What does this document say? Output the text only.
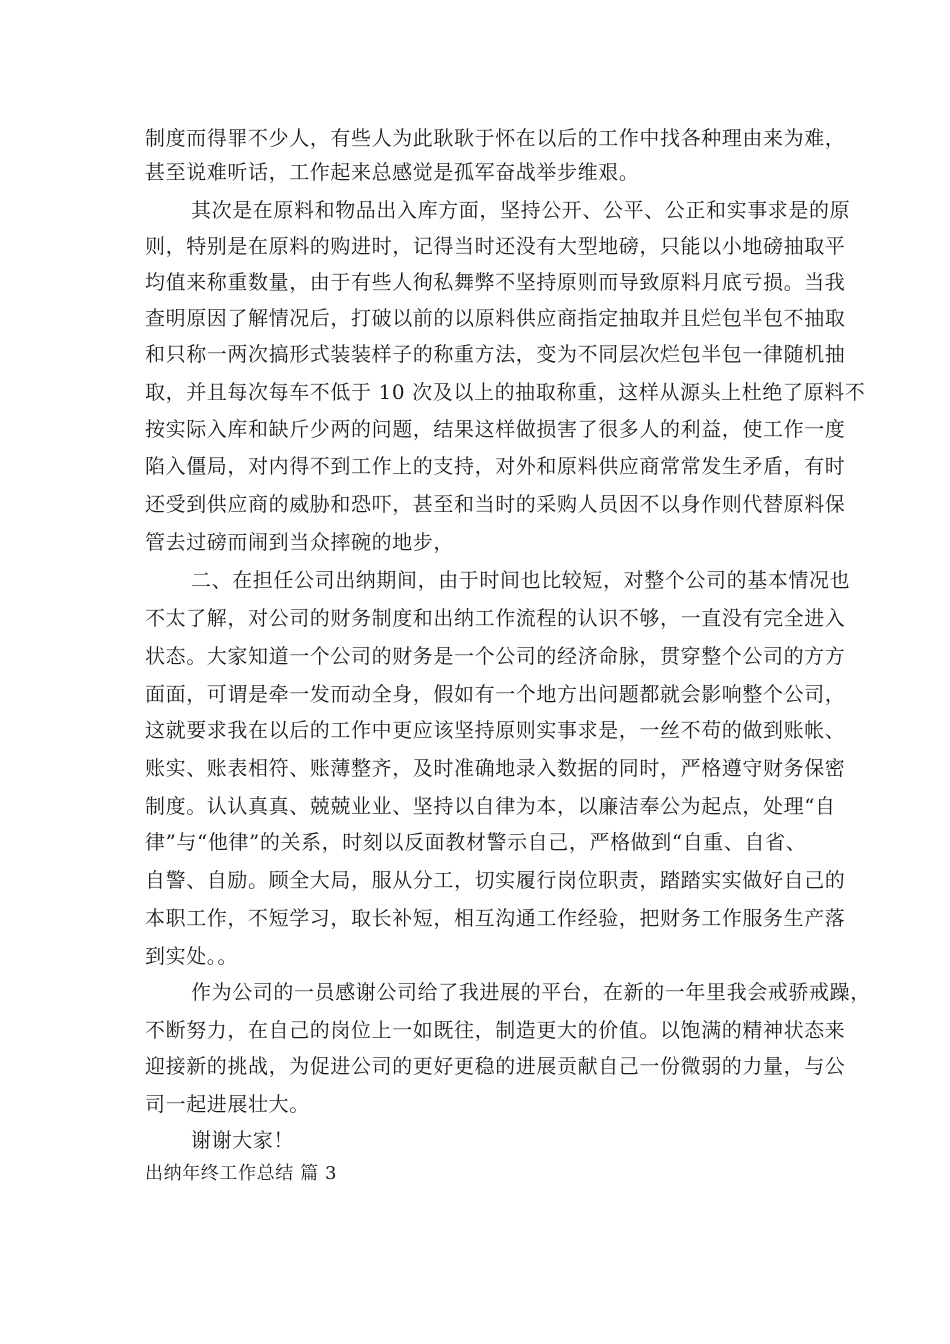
制度而得罪不少人，有些人为此耿耿于怀在以后的工作中找各种理由来为难，
甚至说难听话，工作起来总感觉是孤军奋战举步维艰。
其次是在原料和物品出入库方面，坚持公开、公平、公正和实事求是的原
则，特别是在原料的购进时，记得当时还没有大型地磅，只能以小地磅抽取平
均值来称重数量，由于有些人徇私舞弊不坚持原则而导致原料月底亏损。当我
查明原因了解情况后，打破以前的以原料供应商指定抽取并且烂包半包不抽取
和只称一两次搞形式装装样子的称重方法，变为不同层次烂包半包一律随机抽
取，并且每次每车不低于 10 次及以上的抽取称重，这样从源头上杜绝了原料不
按实际入库和缺斤少两的问题，结果这样做损害了很多人的利益，使工作一度
陷入僵局，对内得不到工作上的支持，对外和原料供应商常常发生矛盾，有时
还受到供应商的威胁和恐吓，甚至和当时的采购人员因不以身作则代替原料保
管去过磅而闹到当众摔碗的地步，
二、在担任公司出纳期间，由于时间也比较短，对整个公司的基本情况也
不太了解，对公司的财务制度和出纳工作流程的认识不够，一直没有完全进入
状态。大家知道一个公司的财务是一个公司的经济命脉，贯穿整个公司的方方
面面，可谓是牵一发而动全身，假如有一个地方出问题都就会影响整个公司，
这就要求我在以后的工作中更应该坚持原则实事求是，一丝不苟的做到账帐、
账实、账表相符、账薄整齐，及时准确地录入数据的同时，严格遵守财务保密
制度。认认真真、兢兢业业、坚持以自律为本，以廉洁奉公为起点，处理“自
律”与“他律”的关系，时刻以反面教材警示自己，严格做到“自重、自省、
自警、自励。顾全大局，服从分工，切实履行岗位职责，踏踏实实做好自己的
本职工作，不短学习，取长补短，相互沟通工作经验，把财务工作服务生产落
到实处。。
作为公司的一员感谢公司给了我进展的平台，在新的一年里我会戒骄戒躁，
不断努力，在自己的岗位上一如既往，制造更大的价值。以饱满的精神状态来
迎接新的挑战，为促进公司的更好更稳的进展贡献自己一份微弱的力量，与公
司一起进展壮大。
谢谢大家！
出纳年终工作总结 篇 3
